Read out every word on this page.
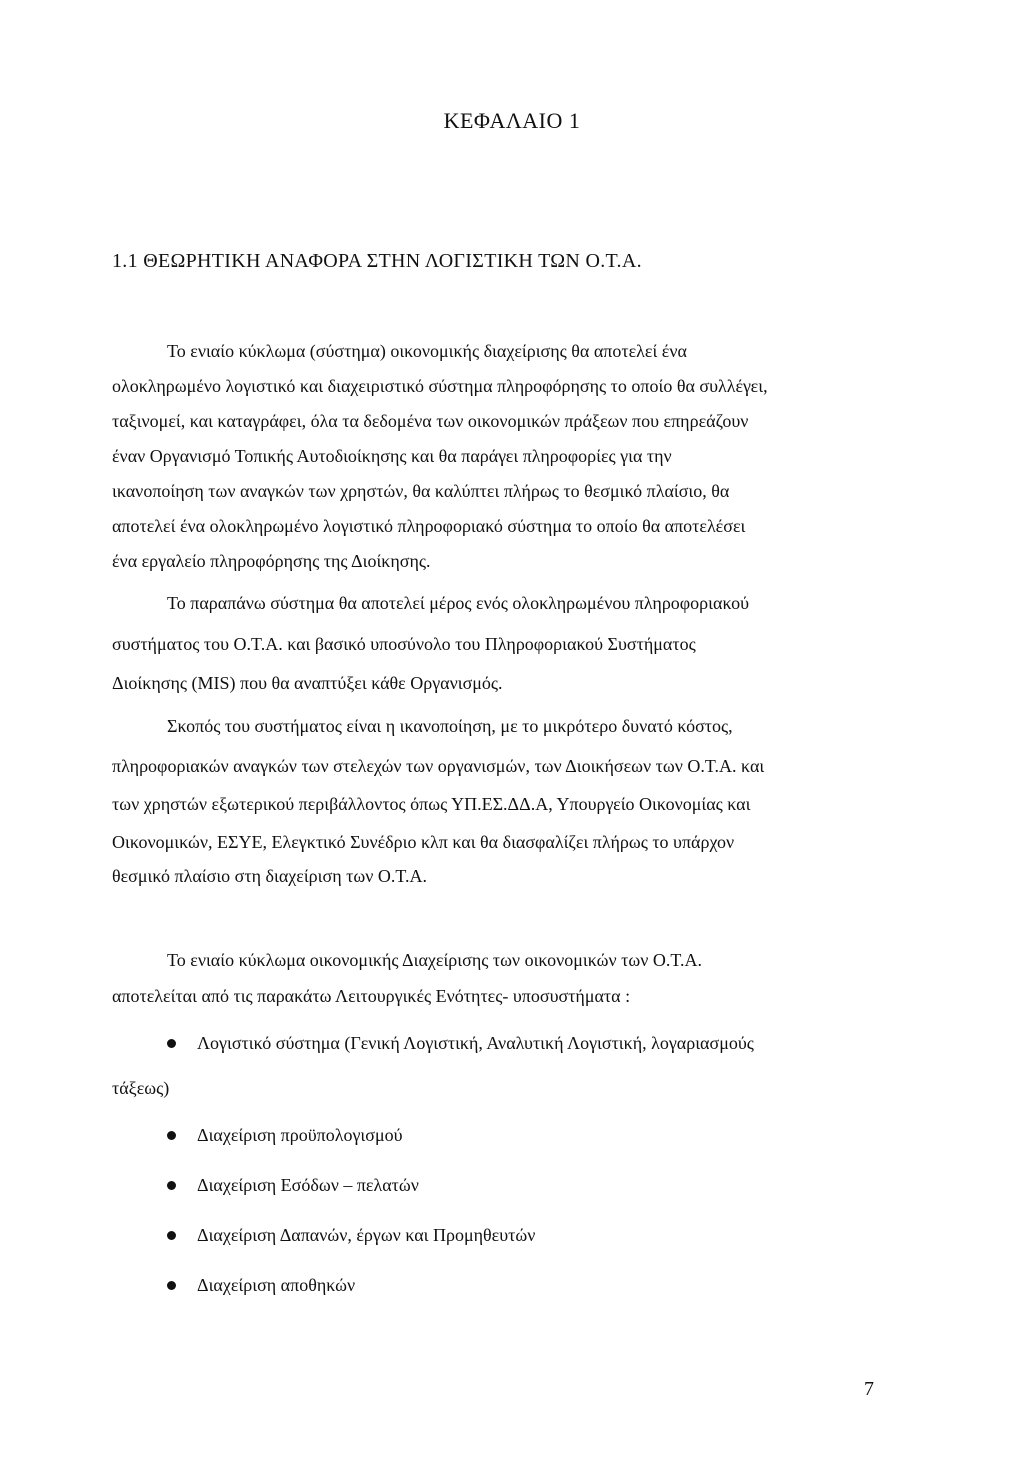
ΚΕΦΑΛΑΙΟ 1
1.1 ΘΕΩΡΗΤΙΚΗ ΑΝΑΦΟΡΑ ΣΤΗΝ ΛΟΓΙΣΤΙΚΗ ΤΩΝ Ο.Τ.Α.
Το ενιαίο κύκλωμα (σύστημα) οικονομικής διαχείρισης θα αποτελεί ένα
ολοκληρωμένο λογιστικό και διαχειριστικό σύστημα πληροφόρησης το οποίο θα συλλέγει,
ταξινομεί, και καταγράφει, όλα τα δεδομένα των οικονομικών πράξεων που επηρεάζουν
έναν Οργανισμό Τοπικής Αυτοδιοίκησης και θα παράγει πληροφορίες για την
ικανοποίηση των αναγκών των χρηστών, θα καλύπτει πλήρως το θεσμικό πλαίσιο, θα
αποτελεί ένα ολοκληρωμένο λογιστικό πληροφοριακό σύστημα το οποίο θα αποτελέσει
ένα εργαλείο πληροφόρησης της Διοίκησης.
Το παραπάνω σύστημα θα αποτελεί μέρος ενός ολοκληρωμένου πληροφοριακού
συστήματος του Ο.Τ.Α. και βασικό υποσύνολο του Πληροφοριακού Συστήματος
Διοίκησης (MIS) που θα αναπτύξει κάθε Οργανισμός.
Σκοπός του συστήματος είναι η ικανοποίηση, με το μικρότερο δυνατό κόστος,
πληροφοριακών αναγκών των στελεχών των οργανισμών, των Διοικήσεων των Ο.Τ.Α. και
των χρηστών εξωτερικού περιβάλλοντος όπως ΥΠ.ΕΣ.ΔΔ.Α, Υπουργείο Οικονομίας και
Οικονομικών, ΕΣΥΕ, Ελεγκτικό Συνέδριο κλπ και θα διασφαλίζει πλήρως το υπάρχον
θεσμικό πλαίσιο στη διαχείριση των Ο.Τ.Α.
Το ενιαίο κύκλωμα οικονομικής Διαχείρισης των οικονομικών των Ο.Τ.Α.
αποτελείται από τις παρακάτω Λειτουργικές Ενότητες- υποσυστήματα :
Λογιστικό σύστημα (Γενική Λογιστική, Αναλυτική Λογιστική, λογαριασμούς
τάξεως)
Διαχείριση προϋπολογισμού
Διαχείριση Εσόδων – πελατών
Διαχείριση Δαπανών, έργων και Προμηθευτών
Διαχείριση αποθηκών
7
